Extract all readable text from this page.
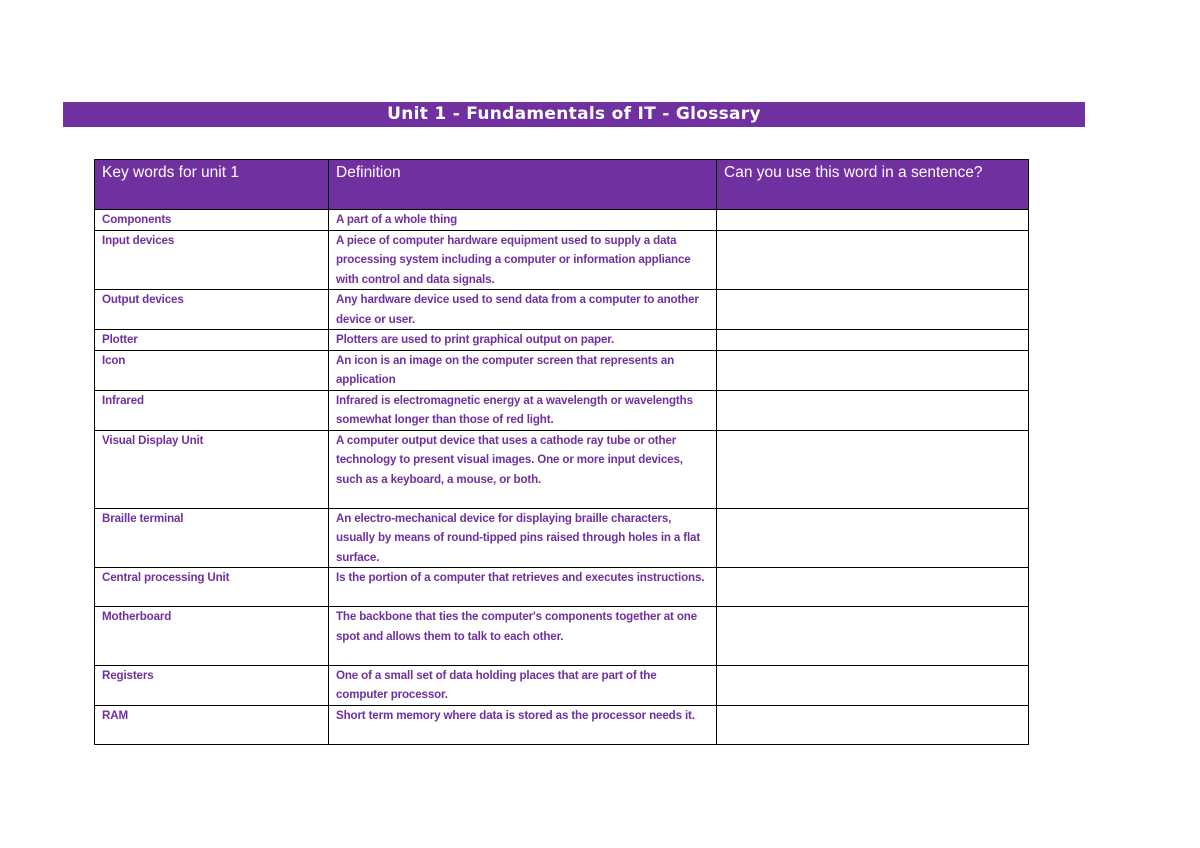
Unit 1 - Fundamentals of IT - Glossary
Key words for unit 1	Definition	Can you use this word in a sentence?
Components	A part of a whole thing	
Input devices	A piece of computer hardware equipment used to supply a data processing system including a computer or information appliance with control and data signals.	
Output devices	Any hardware device used to send data from a computer to another device or user.	
Plotter	Plotters are used to print graphical output on paper.	
Icon	An icon is an image on the computer screen that represents an application	
Infrared	Infrared is electromagnetic energy at a wavelength or wavelengths somewhat longer than those of red light.	
Visual Display Unit	A computer output device that uses a cathode ray tube or other technology to present visual images. One or more input devices, such as a keyboard, a mouse, or both.	
Braille terminal	An electro-mechanical device for displaying braille characters, usually by means of round-tipped pins raised through holes in a flat surface.	
Central processing Unit	Is the portion of a computer that retrieves and executes instructions.	
Motherboard	The backbone that ties the computer's components together at one spot and allows them to talk to each other.	
Registers	One of a small set of data holding places that are part of the computer processor.	
RAM	Short term memory where data is stored as the processor needs it.	
